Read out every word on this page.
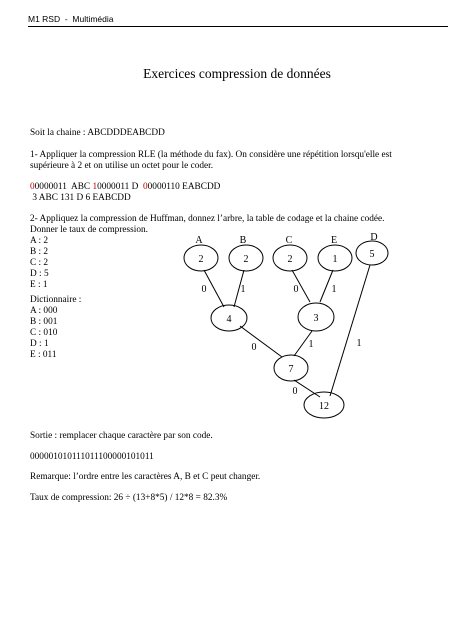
M1 RSD  -  Multimédia
Exercices compression de données
Soit la chaine : ABCDDDEABCDD
1- Appliquer la compression RLE (la méthode du fax). On considère une répétition lorsqu'elle est
supérieure à 2 et on utilise un octet pour le coder.
00000011  ABC 10000011 D  00000110 EABCDD
3 ABC 131 D 6 EABCDD
2- Appliquez la compression de Huffman, donnez l’arbre, la table de codage et la chaine codée.
Donner le taux de compression.
A : 2
B : 2
C : 2
D : 5
E : 1
Dictionnaire :
A : 000
B : 001
C : 010
D : 1
E : 011
A	B	C	E	D
2	2	2	1	5
4	3
7
12
0	1	0	1
0	1
0
1
Sortie : remplacer chaque caractère par son code.
000001010111011100000101011
Remarque: l’ordre entre les caractères A, B et C peut changer.
Taux de compression: 26 ÷ (13+8*5) / 12*8 = 82.3%
